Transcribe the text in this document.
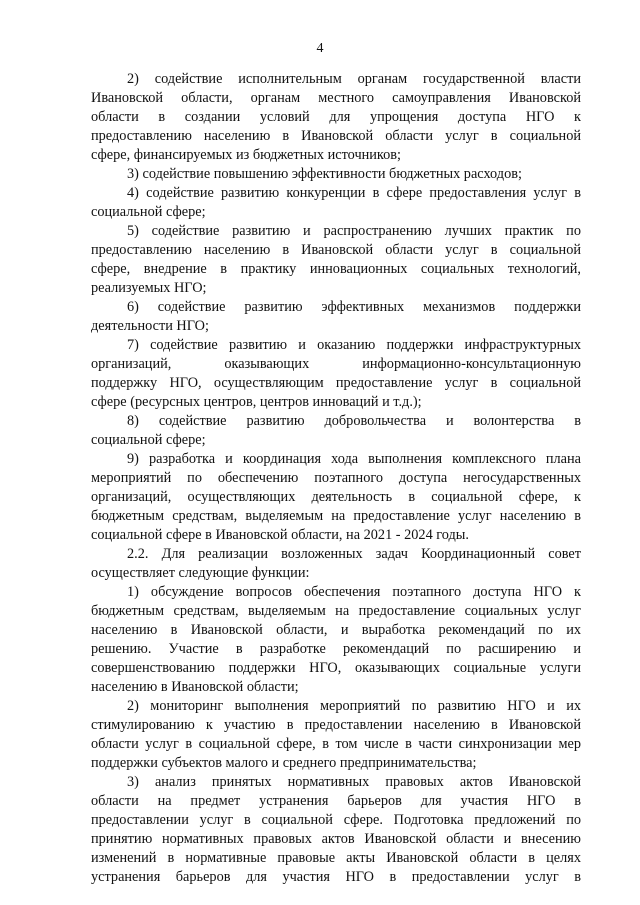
4
2) содействие исполнительным органам государственной власти
Ивановской области, органам местного самоуправления Ивановской
области в создании условий для упрощения доступа НГО к
предоставлению населению в Ивановской области услуг в социальной
сфере, финансируемых из бюджетных источников;
3) содействие повышению эффективности бюджетных расходов;
4) содействие развитию конкуренции в сфере предоставления услуг в
социальной сфере;
5) содействие развитию и распространению лучших практик по
предоставлению населению в Ивановской области услуг в социальной
сфере, внедрение в практику инновационных социальных технологий,
реализуемых НГО;
6) содействие развитию эффективных механизмов поддержки
деятельности НГО;
7) содействие развитию и оказанию поддержки инфраструктурных
организаций, оказывающих информационно-консультационную
поддержку НГО, осуществляющим предоставление услуг в социальной
сфере (ресурсных центров, центров инноваций и т.д.);
8) содействие развитию добровольчества и волонтерства в
социальной сфере;
9) разработка и координация хода выполнения комплексного плана
мероприятий по обеспечению поэтапного доступа негосударственных
организаций, осуществляющих деятельность в социальной сфере, к
бюджетным средствам, выделяемым на предоставление услуг населению в
социальной сфере в Ивановской области, на 2021 - 2024 годы.
2.2. Для реализации возложенных задач Координационный совет
осуществляет следующие функции:
1) обсуждение вопросов обеспечения поэтапного доступа НГО к
бюджетным средствам, выделяемым на предоставление социальных услуг
населению в Ивановской области, и выработка рекомендаций по их
решению. Участие в разработке рекомендаций по расширению и
совершенствованию поддержки НГО, оказывающих социальные услуги
населению в Ивановской области;
2) мониторинг выполнения мероприятий по развитию НГО и их
стимулированию к участию в предоставлении населению в Ивановской
области услуг в социальной сфере, в том числе в части синхронизации мер
поддержки субъектов малого и среднего предпринимательства;
3) анализ принятых нормативных правовых актов Ивановской
области на предмет устранения барьеров для участия НГО в
предоставлении услуг в социальной сфере. Подготовка предложений по
принятию нормативных правовых актов Ивановской области и внесению
изменений в нормативные правовые акты Ивановской области в целях
устранения барьеров для участия НГО в предоставлении услуг в
